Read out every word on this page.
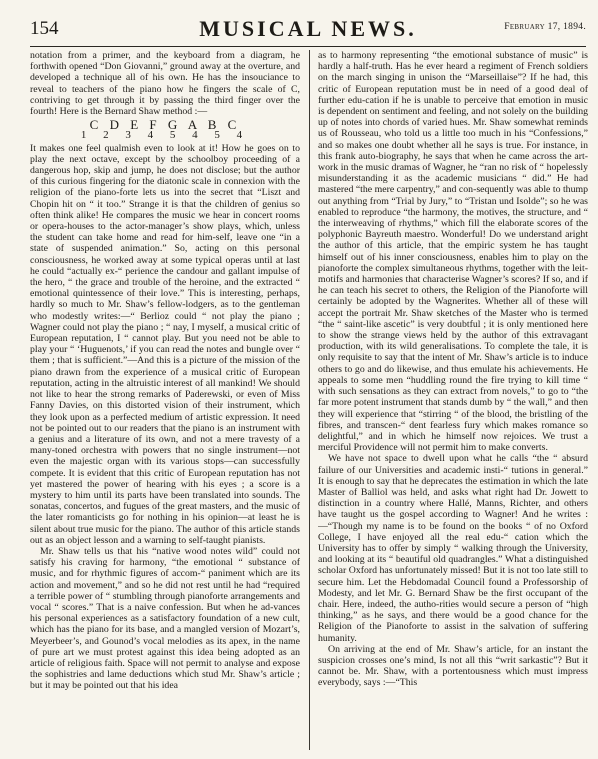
154	MUSICAL NEWS.	February 17, 1894.

notation from a primer, and the keyboard from a diagram, he forthwith opened “Don Giovanni,” ground away at the overture, and developed a technique all of his own. He has the insouciance to reveal to teachers of the piano how he fingers the scale of C, contriving to get through it by passing the third finger over the fourth! Here is the Bernard Shaw method :—

C D E F G A B C
1 2 3 4 5 4 5 4

It makes one feel qualmish even to look at it! How he goes on to play the next octave, except by the schoolboy proceeding of a dangerous hop, skip and jump, he does not disclose; but the author of this curious fingering for the diatonic scale in connexion with the religion of the piano-forte lets us into the secret that “Liszt and Chopin hit on “ it too.” Strange it is that the children of genius so often think alike! He compares the music we hear in concert rooms or opera-houses to the actor-manager’s show plays, which, unless the student can take home and read for him-self, leave one “in a state of suspended animation.” So, acting on this personal consciousness, he worked away at some typical operas until at last he could “actually ex-“ perience the candour and gallant impulse of the hero, “ the grace and trouble of the heroine, and the extracted “ emotional quintessence of their love.” This is interesting, perhaps, hardly so much to Mr. Shaw’s fellow-lodgers, as to the gentleman who modestly writes:—“ Berlioz could “ not play the piano ; Wagner could not play the piano ; “ nay, I myself, a musical critic of European reputation, I “ cannot play. But you need not be able to play your “ ‘Huguenots,’ if you can read the notes and bungle over “ them ; that is sufficient.”—And this is a picture of the mission of the piano drawn from the experience of a musical critic of European reputation, acting in the altruistic interest of all mankind! We should not like to hear the strong remarks of Paderewski, or even of Miss Fanny Davies, on this distorted vision of their instrument, which they look upon as a perfected medium of artistic expression. It need not be pointed out to our readers that the piano is an instrument with a genius and a literature of its own, and not a mere travesty of a many-toned orchestra with powers that no single instrument—not even the majestic organ with its various stops—can successfully compete. It is evident that this critic of European reputation has not yet mastered the power of hearing with his eyes ; a score is a mystery to him until its parts have been translated into sounds. The sonatas, concertos, and fugues of the great masters, and the music of the later romanticists go for nothing in his opinion—at least he is silent about true music for the piano. The author of this article stands out as an object lesson and a warning to self-taught pianists.

Mr. Shaw tells us that his “native wood notes wild” could not satisfy his craving for harmony, “the emotional “ substance of music, and for rhythmic figures of accom-“ paniment which are its action and movement,” and so he did not rest until he had “required a terrible power of “ stumbling through pianoforte arrangements and vocal “ scores.” That is a naive confession. But when he ad-vances his personal experiences as a satisfactory foundation of a new cult, which has the piano for its base, and a mangled version of Mozart’s, Meyerbeer’s, and Gounod’s vocal melodies as its apex, in the name of pure art we must protest against this idea being adopted as an article of religious faith. Space will not permit to analyse and expose the sophistries and lame deductions which stud Mr. Shaw’s article ; but it may be pointed out that his idea

as to harmony representing “the emotional substance of music” is hardly a half-truth. Has he ever heard a regiment of French soldiers on the march singing in unison the “Marseillaise”? If he had, this critic of European reputation must be in need of a good deal of further edu-cation if he is unable to perceive that emotion in music is dependent on sentiment and feeling, and not solely on the building up of notes into chords of varied hues. Mr. Shaw somewhat reminds us of Rousseau, who told us a little too much in his “Confessions,” and so makes one doubt whether all he says is true. For instance, in this frank auto-biography, he says that when he came across the art-work in the music dramas of Wagner, he “ran no risk of “ hopelessly misunderstanding it as the academic musicians “ did.” He had mastered “the mere carpentry,” and con-sequently was able to thump out anything from “Trial by Jury,” to “Tristan und Isolde”; so he was enabled to reproduce “the harmony, the motives, the structure, and “ the interweaving of rhythms,” which fill the elaborate scores of the polyphonic Bayreuth maestro. Wonderful! Do we understand aright the author of this article, that the empiric system he has taught himself out of his inner consciousness, enables him to play on the pianoforte the complex simultaneous rhythms, together with the leit-motifs and harmonies that characterise Wagner’s scores? If so, and if he can teach his secret to others, the Religion of the Pianoforte will certainly be adopted by the Wagnerites. Whether all of these will accept the portrait Mr. Shaw sketches of the Master who is termed “the “ saint-like ascetic” is very doubtful ; it is only mentioned here to show the strange views held by the author of this extravagant production, with its wild generalisations. To complete the tale, it is only requisite to say that the intent of Mr. Shaw’s article is to induce others to go and do likewise, and thus emulate his achievements. He appeals to some men “huddling round the fire trying to kill time “ with such sensations as they can extract from novels,” to go to “the far more potent instrument that stands dumb by “ the wall,” and then they will experience that “stirring “ of the blood, the bristling of the fibres, and transcen-“ dent fearless fury which makes romance so delightful,” and in which he himself now rejoices. We trust a merciful Providence will not permit him to make converts.

We have not space to dwell upon what he calls “the “ absurd failure of our Universities and academic insti-“ tutions in general.” It is enough to say that he deprecates the estimation in which the late Master of Balliol was held, and asks what right had Dr. Jowett to distinction in a country where Hallé, Manns, Richter, and others have taught us the gospel according to Wagner! And he writes :—“Though my name is to be found on the books “ of no Oxford College, I have enjoyed all the real edu-“ cation which the University has to offer by simply “ walking through the University, and looking at its “ beautiful old quadrangles.” What a distinguished scholar Oxford has unfortunately missed! But it is not too late still to secure him. Let the Hebdomadal Council found a Professorship of Modesty, and let Mr. G. Bernard Shaw be the first occupant of the chair. Here, indeed, the autho-rities would secure a person of “high thinking,” as he says, and there would be a good chance for the Religion of the Pianoforte to assist in the salvation of suffering humanity.

On arriving at the end of Mr. Shaw’s article, for an instant the suspicion crosses one’s mind, Is not all this “writ sarkastic”? But it cannot be. Mr. Shaw, with a portentousness which must impress everybody, says :—“This
